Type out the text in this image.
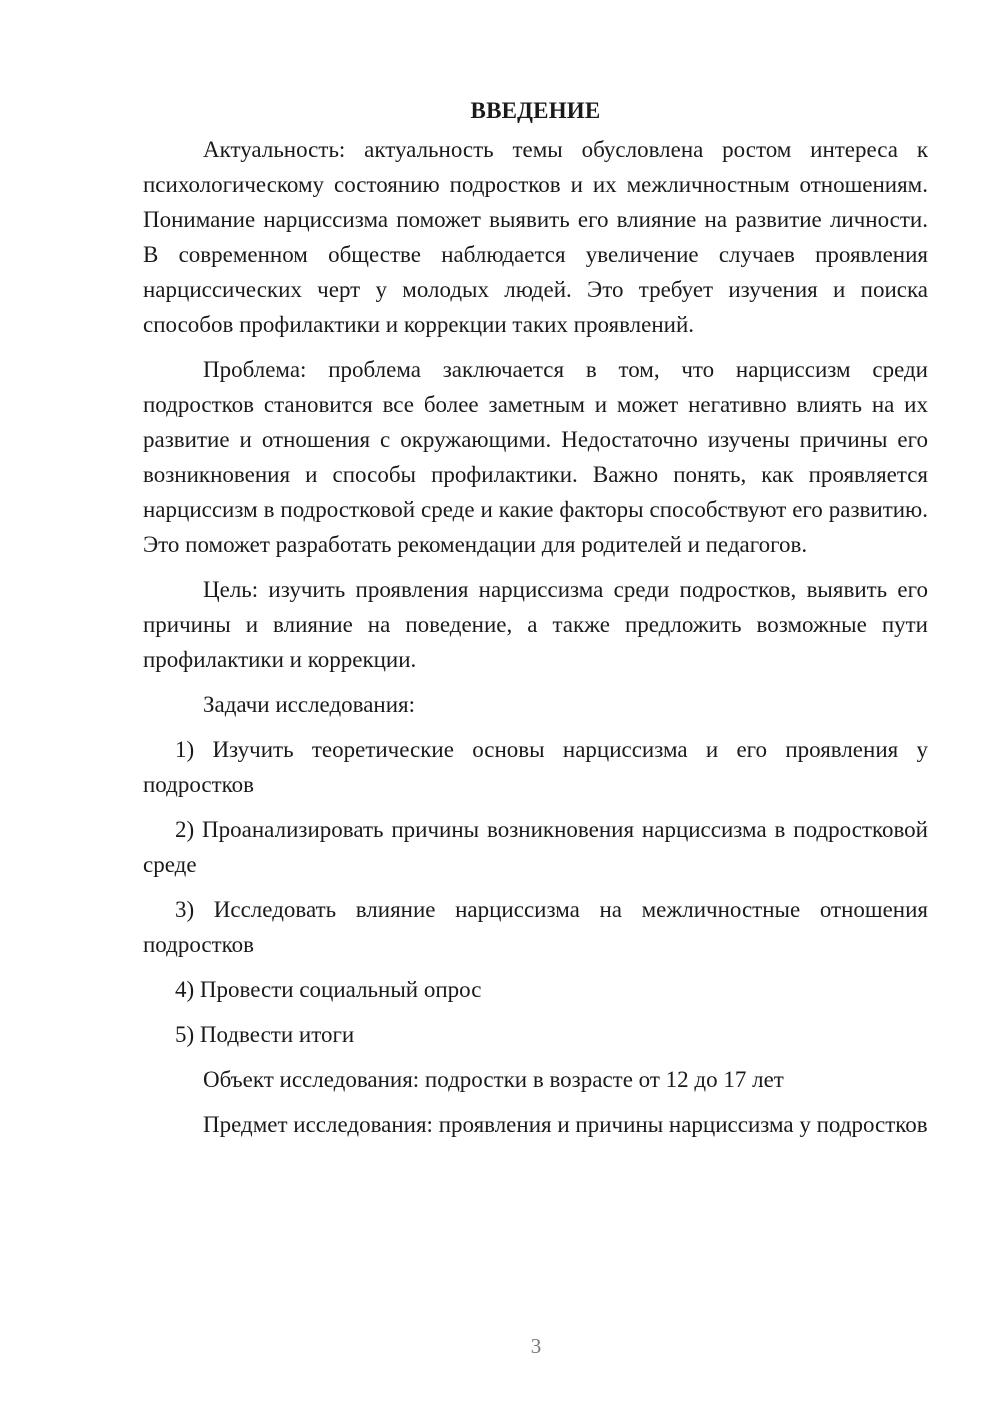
ВВЕДЕНИЕ

Актуальность: актуальность темы обусловлена ростом интереса к психологическому состоянию подростков и их межличностным отношениям. Понимание нарциссизма поможет выявить его влияние на развитие личности. В современном обществе наблюдается увеличение случаев проявления нарциссических черт у молодых людей. Это требует изучения и поиска способов профилактики и коррекции таких проявлений.

Проблема: проблема заключается в том, что нарциссизм среди подростков становится все более заметным и может негативно влиять на их развитие и отношения с окружающими. Недостаточно изучены причины его возникновения и способы профилактики. Важно понять, как проявляется нарциссизм в подростковой среде и какие факторы способствуют его развитию. Это поможет разработать рекомендации для родителей и педагогов.

Цель: изучить проявления нарциссизма среди подростков, выявить его причины и влияние на поведение, а также предложить возможные пути профилактики и коррекции.

Задачи исследования:

1) Изучить теоретические основы нарциссизма и его проявления у подростков

2) Проанализировать причины возникновения нарциссизма в подростковой среде

3) Исследовать влияние нарциссизма на межличностные отношения подростков

4) Провести социальный опрос

5) Подвести итоги

Объект исследования: подростки в возрасте от 12 до 17 лет

Предмет исследования: проявления и причины нарциссизма у подростков

3
